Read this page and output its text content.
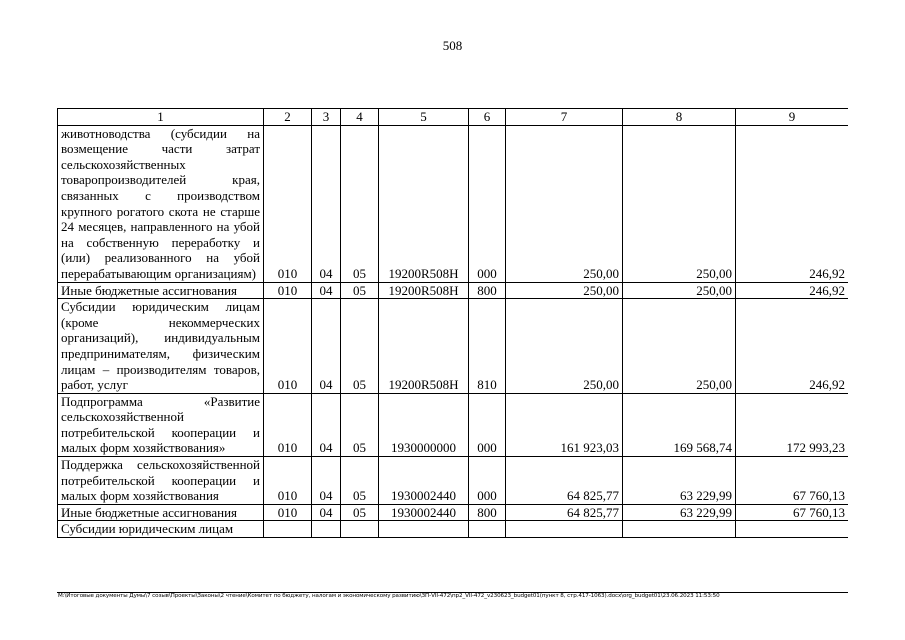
508
1	2	3	4	5	6	7	8	9
животноводства (субсидии на возмещение части затрат сельскохозяйственных товаропроизводителей края, связанных с производством крупного рогатого скота не старше 24 месяцев, направленного на убой на собственную переработку и (или) реализованного на убой перерабатывающим организациям)	010	04	05	19200R508Н	000	250,00	250,00	246,92
Иные бюджетные ассигнования	010	04	05	19200R508Н	800	250,00	250,00	246,92
Субсидии юридическим лицам (кроме некоммерческих организаций), индивидуальным предпринимателям, физическим лицам – производителям товаров, работ, услуг	010	04	05	19200R508Н	810	250,00	250,00	246,92
Подпрограмма «Развитие сельскохозяйственной потребительской кооперации и малых форм хозяйствования»	010	04	05	1930000000	000	161 923,03	169 568,74	172 993,23
Поддержка сельскохозяйственной потребительской кооперации и малых форм хозяйствования	010	04	05	1930002440	000	64 825,77	63 229,99	67 760,13
Иные бюджетные ассигнования	010	04	05	1930002440	800	64 825,77	63 229,99	67 760,13
Субсидии юридическим лицам								
M:\Итоговые документы Думы\7 созыв\Проекты\Законы\2 чтение\Комитет по бюджету, налогам и экономическому развитию\ЗП-VII-472\пр2_VII-472_v230623_budget01(пункт 8, стр.417-1063).docx\org_budget01\23.06.2023 11:53:50
